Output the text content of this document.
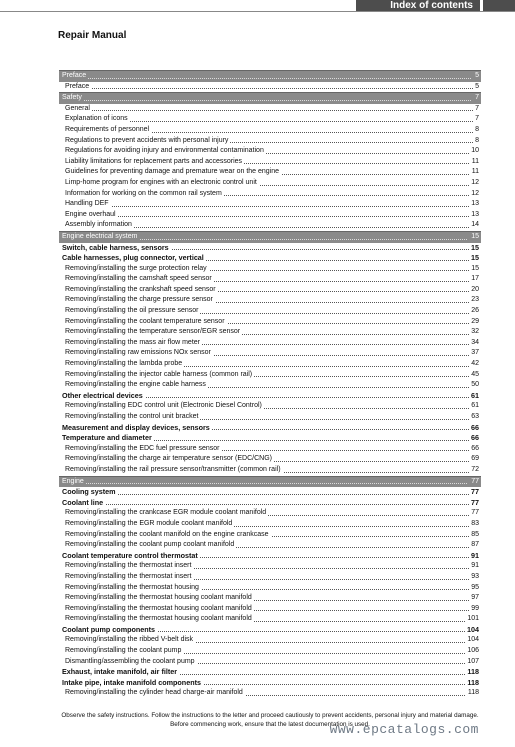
Index of contents
Repair Manual
Preface	5
Preface	5
Safety	7
General	7
Explanation of icons	7
Requirements of personnel	8
Regulations to prevent accidents with personal injury	8
Regulations for avoiding injury and environmental contamination	10
Liability limitations for replacement parts and accessories	11
Guidelines for preventing damage and premature wear on the engine	11
Limp-home program for engines with an electronic control unit	12
Information for working on the common rail system	12
Handling DEF	13
Engine overhaul	13
Assembly information	14
Engine electrical system	15
Switch, cable harness, sensors	15
Cable harnesses, plug connector, vertical	15
Removing/installing the surge protection relay	15
Removing/installing the camshaft speed sensor	17
Removing/installing the crankshaft speed sensor	20
Removing/installing the charge pressure sensor	23
Removing/installing the oil pressure sensor	26
Removing/installing the coolant temperature sensor	29
Removing/installing the temperature sensor/EGR sensor	32
Removing/installing the mass air flow meter	34
Removing/installing raw emissions NOx sensor	37
Removing/installing the lambda probe	42
Removing/installing the injector cable harness (common rail)	45
Removing/installing the engine cable harness	50
Other electrical devices	61
Removing/installing EDC control unit (Electronic Diesel Control)	61
Removing/installing the control unit bracket	63
Measurement and display devices, sensors	66
Temperature and diameter	66
Removing/installing the EDC fuel pressure sensor	66
Removing/installing the charge air temperature sensor (EDC/CNG)	69
Removing/installing the rail pressure sensor/transmitter (common rail)	72
Engine	77
Cooling system	77
Coolant line	77
Removing/installing the crankcase EGR module coolant manifold	77
Removing/installing the EGR module coolant manifold	83
Removing/installing the coolant manifold on the engine crankcase	85
Removing/installing the coolant pump coolant manifold	87
Coolant temperature control thermostat	91
Removing/installing the thermostat insert	91
Removing/installing the thermostat insert	93
Removing/installing the thermostat housing	95
Removing/installing the thermostat housing coolant manifold	97
Removing/installing the thermostat housing coolant manifold	99
Removing/installing the thermostat housing coolant manifold	101
Coolant pump components	104
Removing/installing the ribbed V-belt disk	104
Removing/installing the coolant pump	106
Dismantling/assembling the coolant pump	107
Exhaust, intake manifold, air filter	118
Intake pipe, intake manifold components	118
Removing/installing the cylinder head charge-air manifold	118
Observe the safety instructions. Follow the instructions to the letter and proceed cautiously to prevent accidents, personal injury and material damage. Before commencing work, ensure that the latest documentation is used.
www.epcatalogs.com
